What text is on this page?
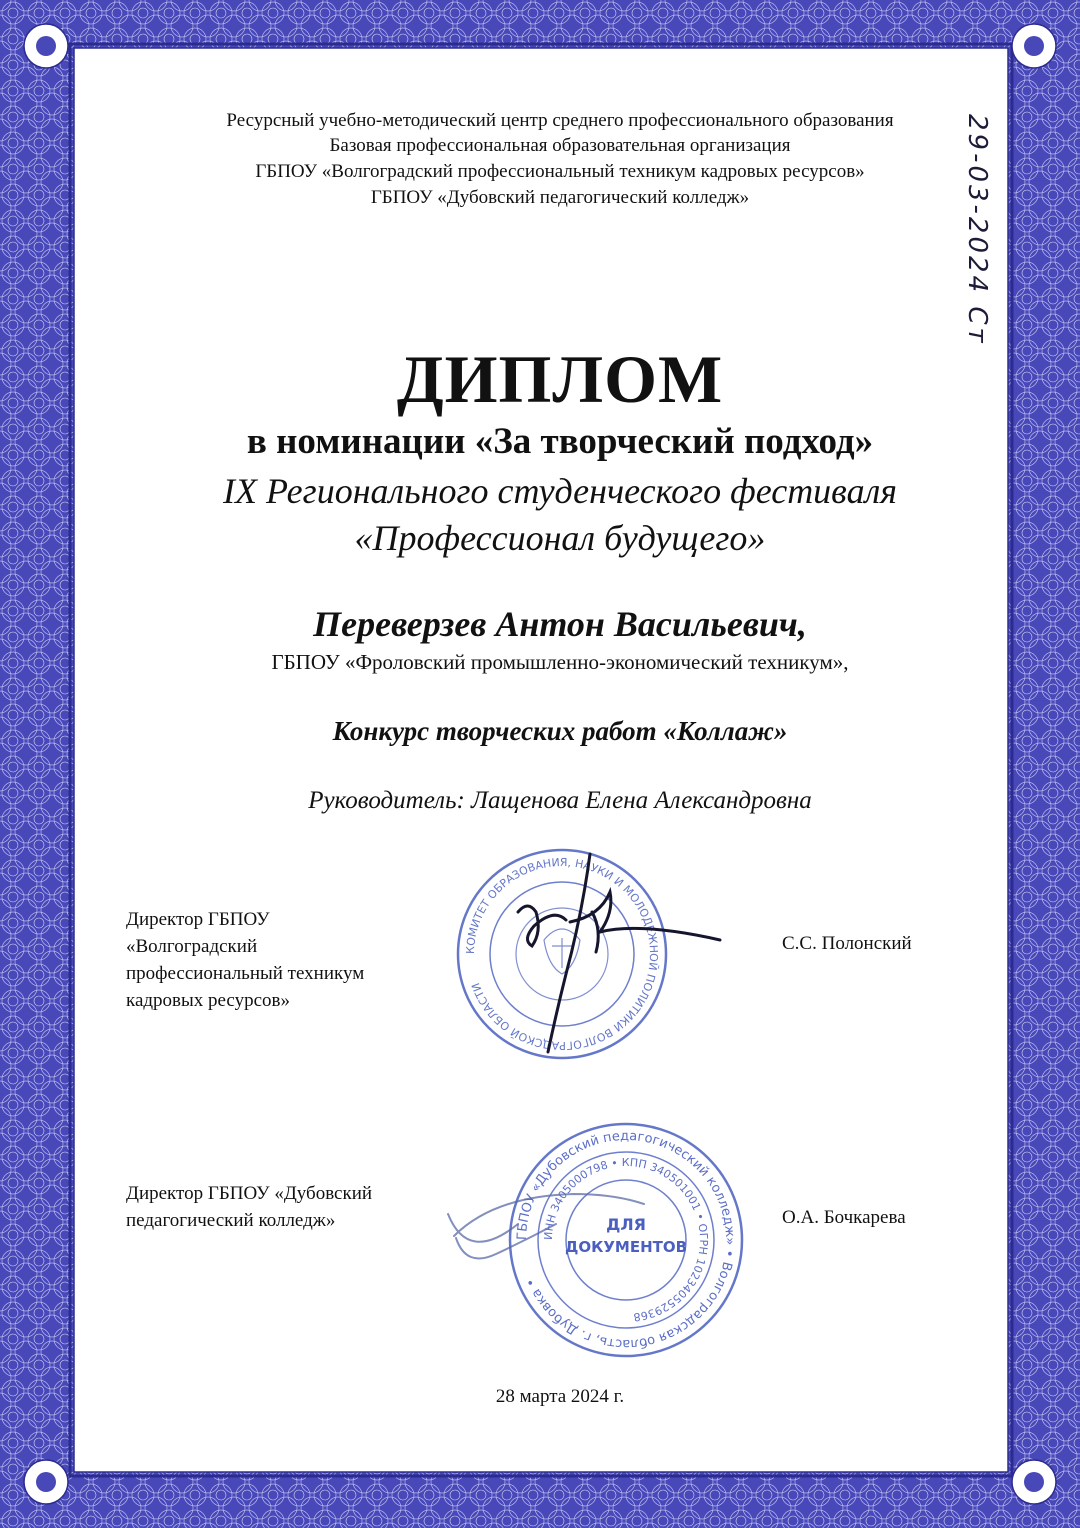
Ресурсный учебно-методический центр среднего профессионального образования
Базовая профессиональная образовательная организация
ГБПОУ «Волгоградский профессиональный техникум кадровых ресурсов»
ГБПОУ «Дубовский педагогический колледж»	29-03-2024 Ст
ДИПЛОМ
в номинации «За творческий подход»
IX Регионального студенческого фестиваля
«Профессионал будущего»
Переверзев Антон Васильевич,
ГБПОУ «Фроловский промышленно-экономический техникум»,
Конкурс творческих работ «Коллаж»
Руководитель: Лащенова Елена Александровна
Директор ГБПОУ
«Волгоградский
профессиональный техникум
кадровых ресурсов»
С.С. Полонский
КОМИТЕТ ОБРАЗОВАНИЯ, НАУКИ И МОЛОДЕЖНОЙ ПОЛИТИКИ ВОЛГОГРАДСКОЙ ОБЛАСТИ
Директор ГБПОУ «Дубовский
педагогический колледж»	О.А. Бочкарева
ГБПОУ «Дубовский педагогический колледж» • Волгоградская область, г. Дубовка •
ИНН 3405000798 • КПП 340501001 • ОГРН 1023405529368
ДЛЯ
ДОКУМЕНТОВ
28 марта 2024 г.
